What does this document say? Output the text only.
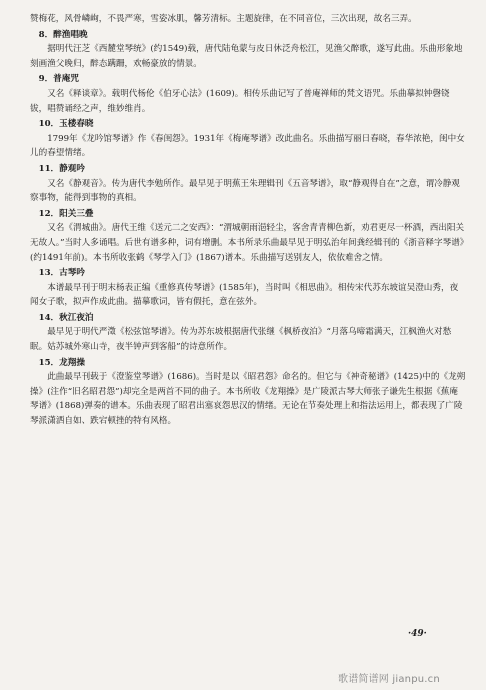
赞梅花，风骨嶙峋，不畏严寒，雪姿冰肌，馨芳清标。主题旋律，在不同音位，三次出现，故名三弄。

8．醉渔唱晚

据明代汪芝《西麓堂琴统》(约1549)载，唐代陆龟蒙与皮日休泛舟松江，见渔父醉歌，遂写此曲。乐曲形象地刻画渔父晚归，醉态蹒跚，欢畅豪放的情景。

9．普庵咒

又名《释谈章》。载明代杨伦《伯牙心法》(1609)。相传乐曲记写了普庵禅师的梵文语咒。乐曲摹拟钟磬铙钹，唱赞诵经之声，维妙维肖。

10．玉楼春晓

1799年《龙吟馆琴谱》作《春闺怨》。1931年《梅庵琴谱》改此曲名。乐曲描写丽日春晓，春华浓艳，闺中女儿的春望情绪。

11．静观吟

又名《静观音》。传为唐代李勉所作。最早见于明蕉王朱理辑刊《五音琴谱》，取“静观得自在”之意，谓冷静观察事物，能得到事物的真相。

12．阳关三叠

又名《渭城曲》。唐代王维《送元二之安西》：“渭城朝雨浥轻尘，客舍青青柳色新，劝君更尽一杯酒，西出阳关无故人。”当时人多诵唱。后世有谱多种，词有增删。本书所录乐曲最早见于明弘治年间龚经辑刊的《浙音释字琴谱》(约1491年前)。本书所收张鹤《琴学入门》(1867)谱本。乐曲描写送别友人，依依难舍之情。

13．古琴吟

本谱最早刊于明末杨表正编《重修真传琴谱》(1585年)，当时叫《相思曲》。相传宋代苏东坡谊吴澄山秀，夜闻女子歌，拟声作成此曲。描摹歌词，皆有假托，意在弦外。

14．秋江夜泊

最早见于明代严澂《松弦馆琴谱》。传为苏东坡根据唐代张继《枫桥夜泊》“月落乌啼霜满天，江枫渔火对愁眠。姑苏城外寒山寺，夜半钟声到客船”的诗意所作。

15．龙翔操

此曲最早刊载于《澄鉴堂琴谱》(1686)。当时是以《昭君怨》命名的。但它与《神奇秘谱》(1425)中的《龙朔操》(注作“旧名昭君怨”)却完全是两首不同的曲子。本书所收《龙翔操》是广陵派古琴大师张子谦先生根据《蕉庵琴谱》(1868)弹奏的谱本。乐曲表现了昭君出塞哀怨思汉的情绪。无论在节奏处理上和指法运用上，都表现了广陵琴派潇洒自如、跌宕顿挫的特有风格。

·49·
歌谱简谱网 jianpu.cn
